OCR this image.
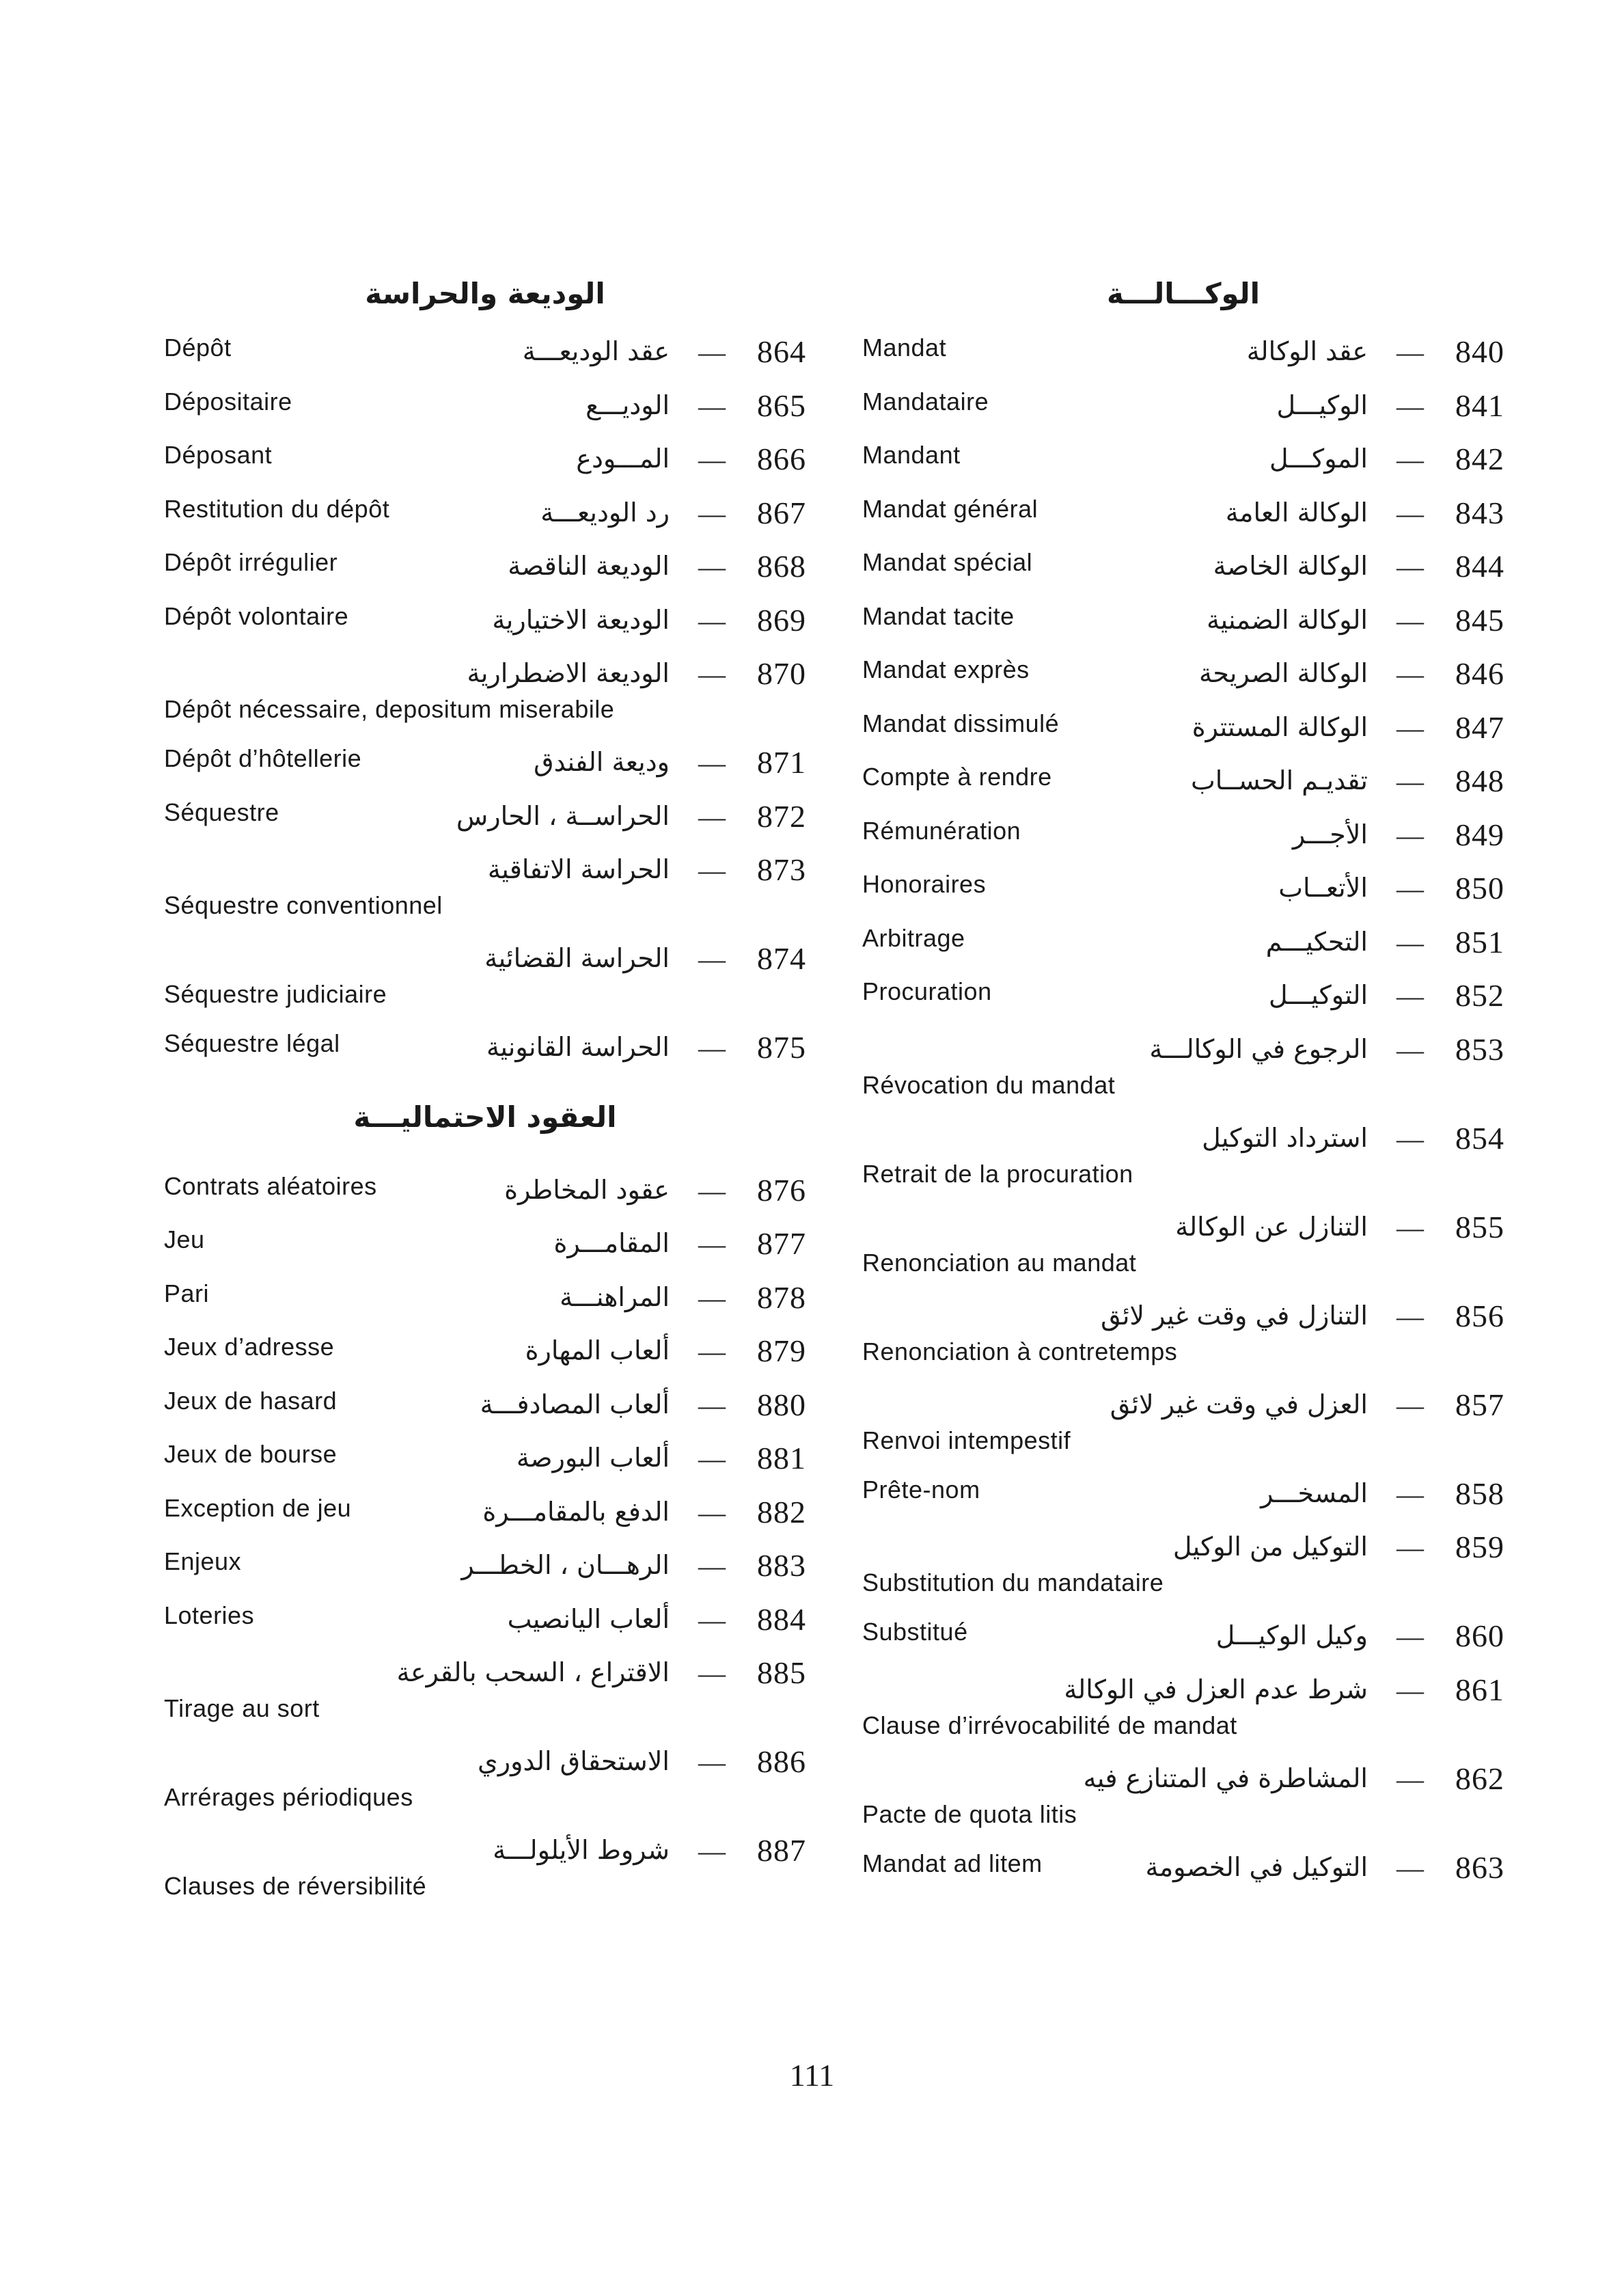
الوديعة والحراسة
Dépôt	عقد الوديعـــة — 864
Dépositaire	الوديـــع — 865
Déposant	المـــودع — 866
Restitution du dépôt	رد الوديعـــة — 867
Dépôt irrégulier	الوديعة الناقصة — 868
Dépôt volontaire	الوديعة الاختيارية — 869
Dépôt nécessaire, depositum miserabile
الوديعة الاضطرارية — 870
Dépôt d’hôtellerie	وديعة الفندق — 871
Séquestre	الحراســة ، الحارس — 872
Séquestre conventionnel
الحراسة الاتفاقية — 873
Séquestre judiciaire
الحراسة القضائية — 874
Séquestre légal	الحراسة القانونية — 875
العقود الاحتماليـــة
Contrats aléatoires	عقود المخاطرة — 876
Jeu	المقامـــرة — 877
Pari	المراهنـــة — 878
Jeux d’adresse	ألعاب المهارة — 879
Jeux de hasard	ألعاب المصادفـــة — 880
Jeux de bourse	ألعاب البورصة — 881
Exception de jeu	الدفع بالمقامـــرة — 882
Enjeux	الرهـــان ، الخطـــر — 883
Loteries	ألعاب اليانصيب — 884
Tirage au sort
الاقتراع ، السحب بالقرعة — 885
Arrérages périodiques
الاستحقاق الدوري — 886
Clauses de réversibilité
شروط الأيلولـــة — 887
الوكـــالـــة
Mandat	عقد الوكالة — 840
Mandataire	الوكيـــل — 841
Mandant	الموكـــل — 842
Mandat général	الوكالة العامة — 843
Mandat spécial	الوكالة الخاصة — 844
Mandat tacite	الوكالة الضمنية — 845
Mandat exprès	الوكالة الصريحة — 846
Mandat dissimulé	الوكالة المستترة — 847
Compte à rendre	تقديـم الحســاب — 848
Rémunération	الأجـــر — 849
Honoraires	الأتعــاب — 850
Arbitrage	التحكيـــم — 851
Procuration	التوكيـــل — 852
Révocation du mandat
الرجوع في الوكالـــة — 853
Retrait de la procuration
استرداد التوكيل — 854
Renonciation au mandat
التنازل عن الوكالة — 855
Renonciation à contretemps
التنازل في وقت غير لائق — 856
Renvoi intempestif
العزل في وقت غير لائق — 857
Prête-nom	المسخـــر — 858
Substitution du mandataire
التوكيل من الوكيل — 859
Substitué	وكيل الوكيـــل — 860
Clause d’irrévocabilité de mandat
شرط عدم العزل في الوكالة — 861
Pacte de quota litis
المشاطرة في المتنازع فيه — 862
Mandat ad litem	التوكيل في الخصومة — 863
111
